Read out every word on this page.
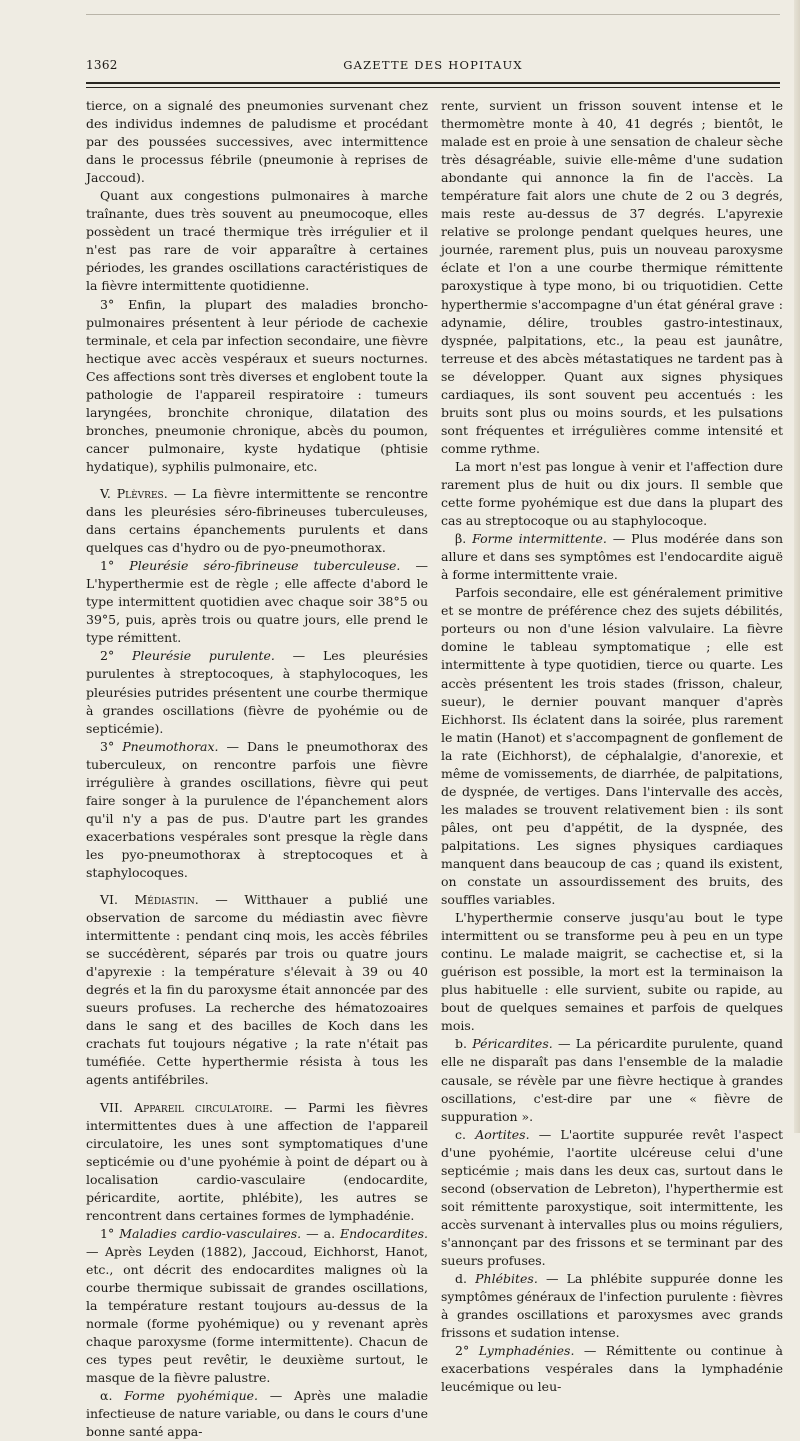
1362	GAZETTE DES HOPITAUX

tierce, on a signalé des pneumonies survenant chez des individus indemnes de paludisme et procédant par des poussées successives, avec intermittence dans le processus fébrile (pneumonie à reprises de Jaccoud).

Quant aux congestions pulmonaires à marche traînante, dues très souvent au pneumocoque, elles possèdent un tracé thermique très irrégulier et il n'est pas rare de voir apparaître à certaines périodes, les grandes oscillations caractéristiques de la fièvre intermittente quotidienne.

3° Enfin, la plupart des maladies broncho-pulmonaires présentent à leur période de cachexie terminale, et cela par infection secondaire, une fièvre hectique avec accès vespéraux et sueurs nocturnes. Ces affections sont très diverses et englobent toute la pathologie de l'appareil respiratoire : tumeurs laryngées, bronchite chronique, dilatation des bronches, pneumonie chronique, abcès du poumon, cancer pulmonaire, kyste hydatique (phtisie hydatique), syphilis pulmonaire, etc.

V. Plèvres. — La fièvre intermittente se rencontre dans les pleurésies séro-fibrineuses tuberculeuses, dans certains épanchements purulents et dans quelques cas d'hydro ou de pyo-pneumothorax.

1° Pleurésie séro-fibrineuse tuberculeuse. — L'hyperthermie est de règle ; elle affecte d'abord le type intermittent quotidien avec chaque soir 38°5 ou 39°5, puis, après trois ou quatre jours, elle prend le type rémittent.

2° Pleurésie purulente. — Les pleurésies purulentes à streptocoques, à staphylocoques, les pleurésies putrides présentent une courbe thermique à grandes oscillations (fièvre de pyohémie ou de septicémie).

3° Pneumothorax. — Dans le pneumothorax des tuberculeux, on rencontre parfois une fièvre irrégulière à grandes oscillations, fièvre qui peut faire songer à la purulence de l'épanchement alors qu'il n'y a pas de pus. D'autre part les grandes exacerbations vespérales sont presque la règle dans les pyo-pneumothorax à streptocoques et à staphylocoques.

VI. Médiastin. — Witthauer a publié une observation de sarcome du médiastin avec fièvre intermittente : pendant cinq mois, les accès fébriles se succédèrent, séparés par trois ou quatre jours d'apyrexie : la température s'élevait à 39 ou 40 degrés et la fin du paroxysme était annoncée par des sueurs profuses. La recherche des hématozoaires dans le sang et des bacilles de Koch dans les crachats fut toujours négative ; la rate n'était pas tuméfiée. Cette hyperthermie résista à tous les agents antifébriles.

VII. Appareil circulatoire. — Parmi les fièvres intermittentes dues à une affection de l'appareil circulatoire, les unes sont symptomatiques d'une septicémie ou d'une pyohémie à point de départ ou à localisation cardio-vasculaire (endocardite, péricardite, aortite, phlébite), les autres se rencontrent dans certaines formes de lymphadénie.

1° Maladies cardio-vasculaires. — a. Endocardites. — Après Leyden (1882), Jaccoud, Eichhorst, Hanot, etc., ont décrit des endocardites malignes où la courbe thermique subissait de grandes oscillations, la température restant toujours au-dessus de la normale (forme pyohémique) ou y revenant après chaque paroxysme (forme intermittente). Chacun de ces types peut revêtir, le deuxième surtout, le masque de la fièvre palustre.

α. Forme pyohémique. — Après une maladie infectieuse de nature variable, ou dans le cours d'une bonne santé appa-

rente, survient un frisson souvent intense et le thermomètre monte à 40, 41 degrés ; bientôt, le malade est en proie à une sensation de chaleur sèche très désagréable, suivie elle-même d'une sudation abondante qui annonce la fin de l'accès. La température fait alors une chute de 2 ou 3 degrés, mais reste au-dessus de 37 degrés. L'apyrexie relative se prolonge pendant quelques heures, une journée, rarement plus, puis un nouveau paroxysme éclate et l'on a une courbe thermique rémittente paroxystique à type mono, bi ou triquotidien. Cette hyperthermie s'accompagne d'un état général grave : adynamie, délire, troubles gastro-intestinaux, dyspnée, palpitations, etc., la peau est jaunâtre, terreuse et des abcès métastatiques ne tardent pas à se développer. Quant aux signes physiques cardiaques, ils sont souvent peu accentués : les bruits sont plus ou moins sourds, et les pulsations sont fréquentes et irrégulières comme intensité et comme rythme.

La mort n'est pas longue à venir et l'affection dure rarement plus de huit ou dix jours. Il semble que cette forme pyohémique est due dans la plupart des cas au streptocoque ou au staphylocoque.

β. Forme intermittente. — Plus modérée dans son allure et dans ses symptômes est l'endocardite aiguë à forme intermittente vraie.

Parfois secondaire, elle est généralement primitive et se montre de préférence chez des sujets débilités, porteurs ou non d'une lésion valvulaire. La fièvre domine le tableau symptomatique ; elle est intermittente à type quotidien, tierce ou quarte. Les accès présentent les trois stades (frisson, chaleur, sueur), le dernier pouvant manquer d'après Eichhorst. Ils éclatent dans la soirée, plus rarement le matin (Hanot) et s'accompagnent de gonflement de la rate (Eichhorst), de céphalalgie, d'anorexie, et même de vomissements, de diarrhée, de palpitations, de dyspnée, de vertiges. Dans l'intervalle des accès, les malades se trouvent relativement bien : ils sont pâles, ont peu d'appétit, de la dyspnée, des palpitations. Les signes physiques cardiaques manquent dans beaucoup de cas ; quand ils existent, on constate un assourdissement des bruits, des souffles variables.

L'hyperthermie conserve jusqu'au bout le type intermittent ou se transforme peu à peu en un type continu. Le malade maigrit, se cachectise et, si la guérison est possible, la mort est la terminaison la plus habituelle : elle survient, subite ou rapide, au bout de quelques semaines et parfois de quelques mois.

b. Péricardites. — La péricardite purulente, quand elle ne disparaît pas dans l'ensemble de la maladie causale, se révèle par une fièvre hectique à grandes oscillations, c'est-dire par une « fièvre de suppuration ».

c. Aortites. — L'aortite suppurée revêt l'aspect d'une pyohémie, l'aortite ulcéreuse celui d'une septicémie ; mais dans les deux cas, surtout dans le second (observation de Lebreton), l'hyperthermie est soit rémittente paroxystique, soit intermittente, les accès survenant à intervalles plus ou moins réguliers, s'annonçant par des frissons et se terminant par des sueurs profuses.

d. Phlébites. — La phlébite suppurée donne les symptômes généraux de l'infection purulente : fièvres à grandes oscillations et paroxysmes avec grands frissons et sudation intense.

2° Lymphadénies. — Rémittente ou continue à exacerbations vespérales dans la lymphadénie leucémique ou leu-
